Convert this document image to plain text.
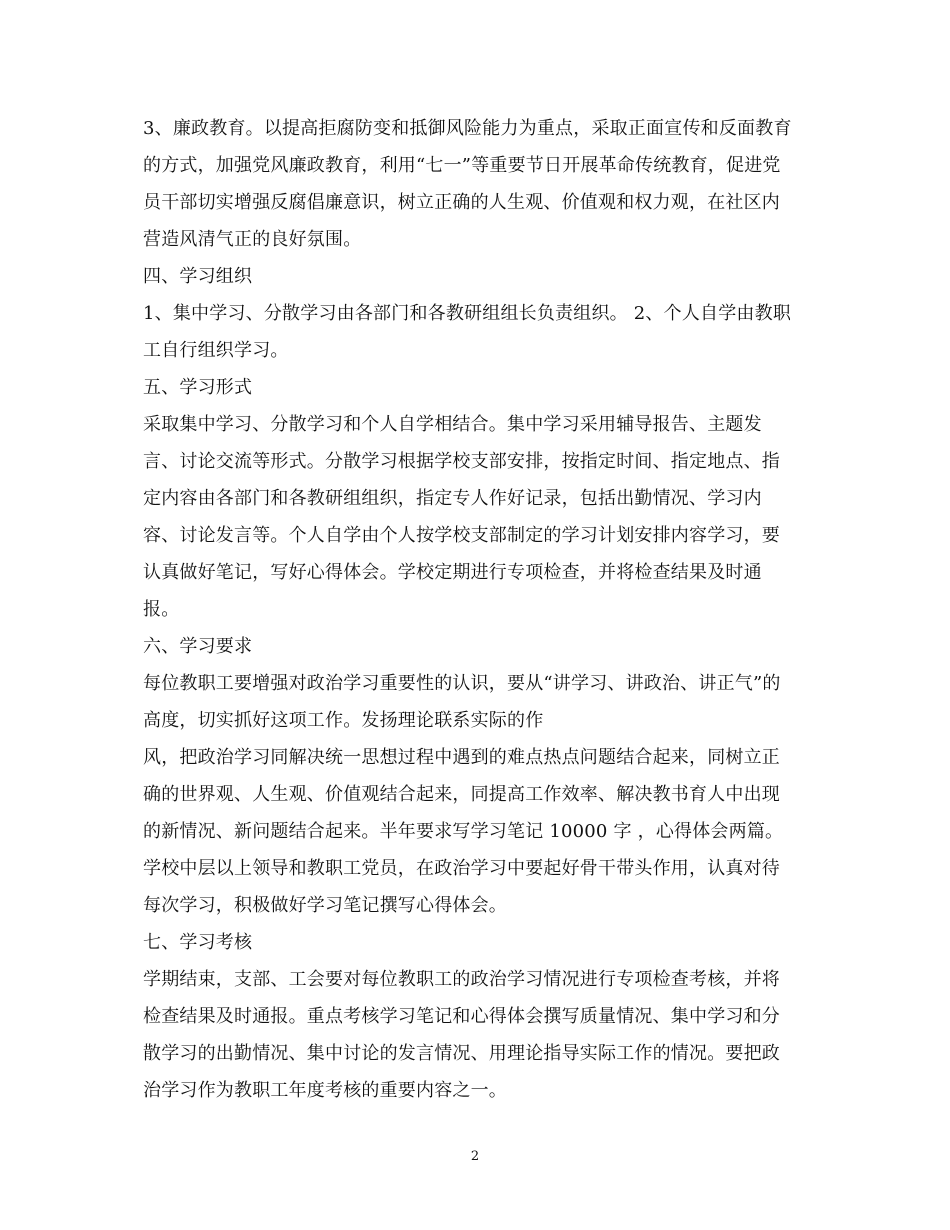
3、廉政教育。以提高拒腐防变和抵御风险能力为重点，采取正面宣传和反面教育
的方式，加强党风廉政教育，利用“七一”等重要节日开展革命传统教育，促进党
员干部切实增强反腐倡廉意识，树立正确的人生观、价值观和权力观，在社区内
营造风清气正的良好氛围。
四、学习组织
1、集中学习、分散学习由各部门和各教研组组长负责组织。 2、个人自学由教职
工自行组织学习。
五、学习形式
采取集中学习、分散学习和个人自学相结合。集中学习采用辅导报告、主题发
言、讨论交流等形式。分散学习根据学校支部安排，按指定时间、指定地点、指
定内容由各部门和各教研组组织，指定专人作好记录，包括出勤情况、学习内
容、讨论发言等。个人自学由个人按学校支部制定的学习计划安排内容学习，要
认真做好笔记，写好心得体会。学校定期进行专项检查，并将检查结果及时通
报。
六、学习要求
每位教职工要增强对政治学习重要性的认识，要从“讲学习、讲政治、讲正气”的
高度，切实抓好这项工作。发扬理论联系实际的作
风，把政治学习同解决统一思想过程中遇到的难点热点问题结合起来，同树立正
确的世界观、人生观、价值观结合起来，同提高工作效率、解决教书育人中出现
的新情况、新问题结合起来。半年要求写学习笔记 10000 字 ，心得体会两篇。
学校中层以上领导和教职工党员，在政治学习中要起好骨干带头作用，认真对待
每次学习，积极做好学习笔记撰写心得体会。
七、学习考核
学期结束，支部、工会要对每位教职工的政治学习情况进行专项检查考核，并将
检查结果及时通报。重点考核学习笔记和心得体会撰写质量情况、集中学习和分
散学习的出勤情况、集中讨论的发言情况、用理论指导实际工作的情况。要把政
治学习作为教职工年度考核的重要内容之一。
2
